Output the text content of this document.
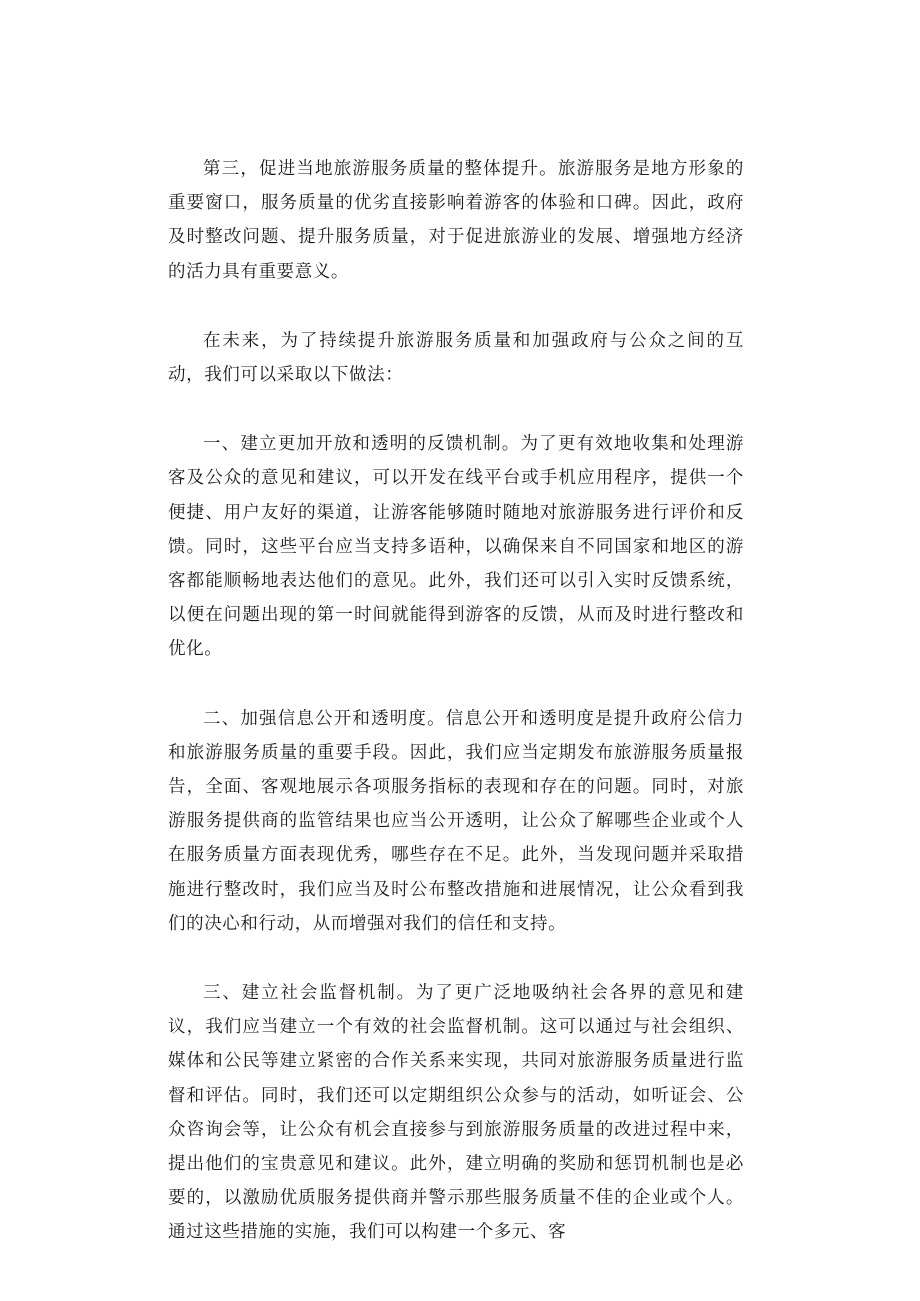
第三，促进当地旅游服务质量的整体提升。旅游服务是地方形象的重要窗口，服务质量的优劣直接影响着游客的体验和口碑。因此，政府及时整改问题、提升服务质量，对于促进旅游业的发展、增强地方经济的活力具有重要意义。

在未来，为了持续提升旅游服务质量和加强政府与公众之间的互动，我们可以采取以下做法：

一、建立更加开放和透明的反馈机制。为了更有效地收集和处理游客及公众的意见和建议，可以开发在线平台或手机应用程序，提供一个便捷、用户友好的渠道，让游客能够随时随地对旅游服务进行评价和反馈。同时，这些平台应当支持多语种，以确保来自不同国家和地区的游客都能顺畅地表达他们的意见。此外，我们还可以引入实时反馈系统，以便在问题出现的第一时间就能得到游客的反馈，从而及时进行整改和优化。

二、加强信息公开和透明度。信息公开和透明度是提升政府公信力和旅游服务质量的重要手段。因此，我们应当定期发布旅游服务质量报告，全面、客观地展示各项服务指标的表现和存在的问题。同时，对旅游服务提供商的监管结果也应当公开透明，让公众了解哪些企业或个人在服务质量方面表现优秀，哪些存在不足。此外，当发现问题并采取措施进行整改时，我们应当及时公布整改措施和进展情况，让公众看到我们的决心和行动，从而增强对我们的信任和支持。

三、建立社会监督机制。为了更广泛地吸纳社会各界的意见和建议，我们应当建立一个有效的社会监督机制。这可以通过与社会组织、媒体和公民等建立紧密的合作关系来实现，共同对旅游服务质量进行监督和评估。同时，我们还可以定期组织公众参与的活动，如听证会、公众咨询会等，让公众有机会直接参与到旅游服务质量的改进过程中来，提出他们的宝贵意见和建议。此外，建立明确的奖励和惩罚机制也是必要的，以激励优质服务提供商并警示那些服务质量不佳的企业或个人。通过这些措施的实施，我们可以构建一个多元、客
